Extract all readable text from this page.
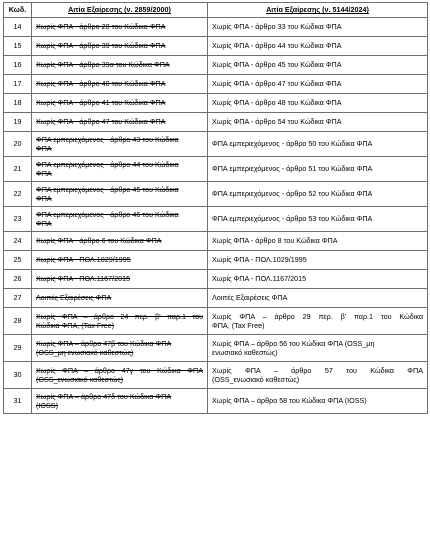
Κωδ.	Αιτία Εξαίρεσης (ν. 2859/2000)	Αιτία Εξαίρεσης (ν. 5144/2024)
14	Χωρίς ΦΠΑ - άρθρο 28 του Κώδικα ΦΠΑ	Χωρίς ΦΠΑ - άρθρο 33 του Κώδικα ΦΠΑ

15	Χωρίς ΦΠΑ - άρθρο 39 του Κώδικα ΦΠΑ	Χωρίς ΦΠΑ - άρθρο 44 του Κώδικα ΦΠΑ

16	Χωρίς ΦΠΑ - άρθρο 39α του Κώδικα ΦΠΑ	Χωρίς ΦΠΑ - άρθρο 45 του Κώδικα ΦΠΑ

17	Χωρίς ΦΠΑ - άρθρο 40 του Κώδικα ΦΠΑ	Χωρίς ΦΠΑ - άρθρο 47 του Κώδικα ΦΠΑ

18	Χωρίς ΦΠΑ - άρθρο 41 του Κώδικα ΦΠΑ	Χωρίς ΦΠΑ - άρθρο 48 του Κώδικα ΦΠΑ

19	Χωρίς ΦΠΑ - άρθρο 47 του Κώδικα ΦΠΑ	Χωρίς ΦΠΑ - άρθρο 54 του Κώδικα ΦΠΑ

20	ΦΠΑ εμπεριεχόμενος - άρθρο 43 του Κώδικα
ΦΠΑ	ΦΠΑ εμπεριεχόμενος - άρθρο 50 του Κώδικα ΦΠΑ

21	ΦΠΑ εμπεριεχόμενος - άρθρο 44 του Κώδικα
ΦΠΑ	ΦΠΑ εμπεριεχόμενος - άρθρο 51 του Κώδικα ΦΠΑ

22	ΦΠΑ εμπεριεχόμενος - άρθρο 45 του Κώδικα
ΦΠΑ	ΦΠΑ εμπεριεχόμενος - άρθρο 52 του Κώδικα ΦΠΑ

23	ΦΠΑ εμπεριεχόμενος - άρθρο 46 του Κώδικα
ΦΠΑ	ΦΠΑ εμπεριεχόμενος - άρθρο 53 του Κώδικα ΦΠΑ

24	Χωρίς ΦΠΑ - άρθρο 6 του Κώδικα ΦΠΑ	Χωρίς ΦΠΑ - άρθρο 8 του Κώδικα ΦΠΑ

25	Χωρίς ΦΠΑ - ΠΟΛ.1029/1995	Χωρίς ΦΠΑ - ΠΟΛ.1029/1995

26	Χωρίς ΦΠΑ - ΠΟΛ.1167/2015	Χωρίς ΦΠΑ - ΠΟΛ.1167/2015

27	Λοιπές Εξαιρέσεις ΦΠΑ	Λοιπές Εξαιρέσεις ΦΠΑ

28	Χωρίς ΦΠΑ – άρθρο 24 περ. β' παρ.1 του
Κώδικα ΦΠΑ, (Tax Free)	Χωρίς ΦΠΑ – άρθρο 29 περ. β' παρ.1 του Κώδικα
ΦΠΑ, (Tax Free)

29	Χωρίς ΦΠΑ – άρθρο 47β του Κώδικα ΦΠΑ
(OSS_μη ενωσιακό καθεστώς)	Χωρίς ΦΠΑ – άρθρο 56 του Κώδικα ΦΠΑ (OSS_μη
ενωσιακό καθεστώς)

30	Χωρίς ΦΠΑ – άρθρο 47γ του Κώδικα ΦΠΑ
(OSS_ενωσιακό καθεστώς)	Χωρίς ΦΠΑ – άρθρο 57 του Κώδικα ΦΠΑ
(OSS_ενωσιακό καθεστώς)

31	Χωρίς ΦΠΑ – άρθρο 47δ του Κώδικα ΦΠΑ
(IOSS)	Χωρίς ΦΠΑ – άρθρο 58 του Κώδικα ΦΠΑ (IOSS)
